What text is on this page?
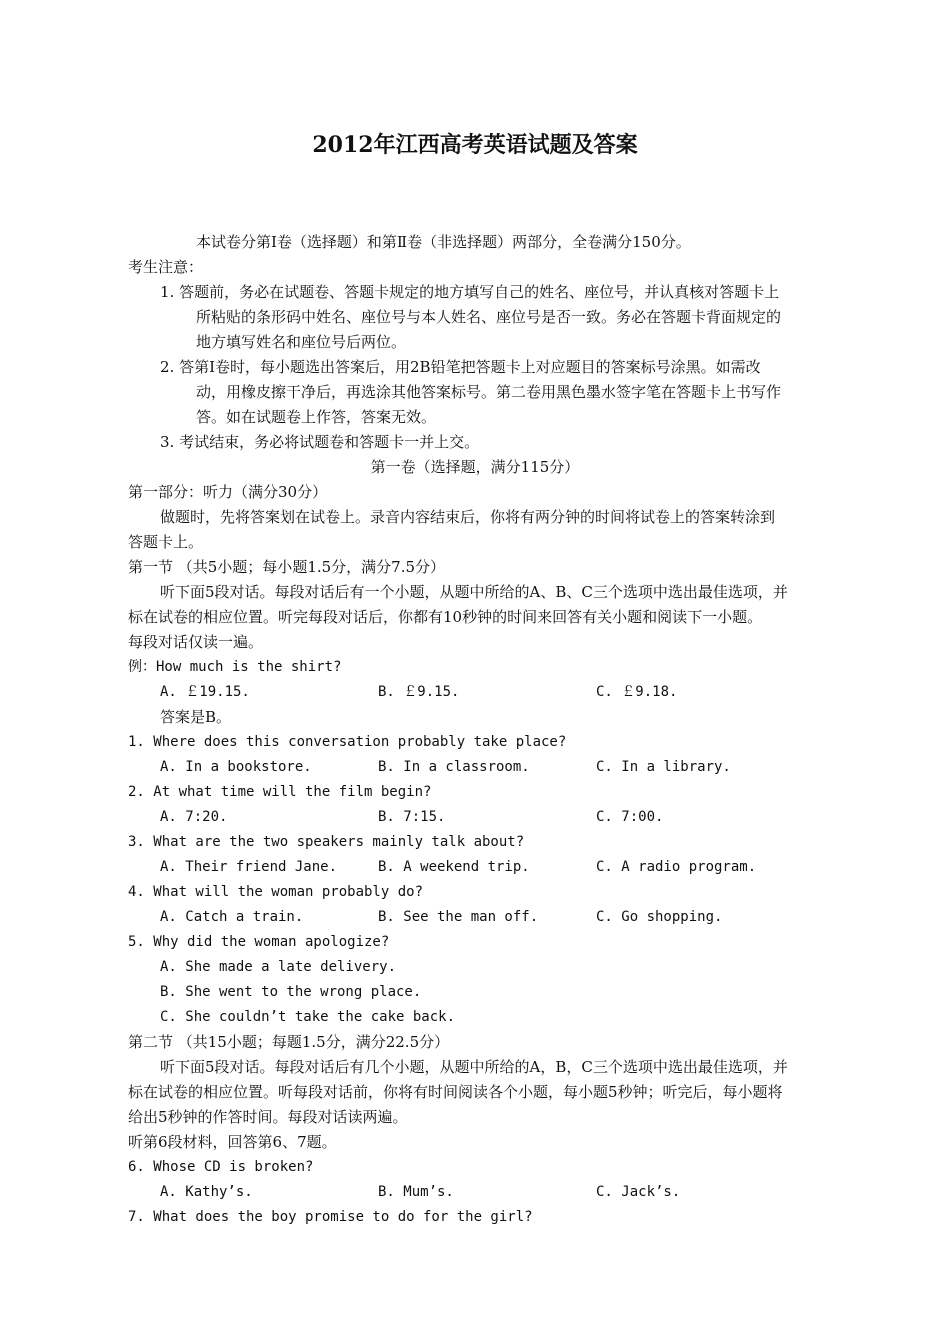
2012年江西高考英语试题及答案
本试卷分第Ⅰ卷（选择题）和第Ⅱ卷（非选择题）两部分，全卷满分150分。
考生注意：
1. 答题前，务必在试题卷、答题卡规定的地方填写自己的姓名、座位号，并认真核对答题卡上
所粘贴的条形码中姓名、座位号与本人姓名、座位号是否一致。务必在答题卡背面规定的
地方填写姓名和座位号后两位。
2. 答第Ⅰ卷时，每小题选出答案后，用2B铅笔把答题卡上对应题目的答案标号涂黑。如需改
动，用橡皮擦干净后，再选涂其他答案标号。第二卷用黑色墨水签字笔在答题卡上书写作
答。如在试题卷上作答，答案无效。
3. 考试结束，务必将试题卷和答题卡一并上交。
第一卷（选择题，满分115分）
第一部分：听力（满分30分）
做题时，先将答案划在试卷上。录音内容结束后，你将有两分钟的时间将试卷上的答案转涂到
答题卡上。
第一节 （共5小题；每小题1.5分，满分7.5分）
听下面5段对话。每段对话后有一个小题，从题中所给的A、B、C三个选项中选出最佳选项，并
标在试卷的相应位置。听完每段对话后，你都有10秒钟的时间来回答有关小题和阅读下一小题。
每段对话仅读一遍。
例：How much is the shirt?
A. ￡19.15.	B. ￡9.15.	C. ￡9.18.
答案是B。
1. Where does this conversation probably take place?
A. In a bookstore.	B. In a classroom.	C. In a library.
2. At what time will the film begin?
A. 7:20.	B. 7:15.	C. 7:00.
3. What are the two speakers mainly talk about?
A. Their friend Jane.	B. A weekend trip.	C. A radio program.
4. What will the woman probably do?
A. Catch a train.	B. See the man off.	C. Go shopping.
5. Why did the woman apologize?
A. She made a late delivery.
B. She went to the wrong place.
C. She couldn’t take the cake back.
第二节 （共15小题；每题1.5分，满分22.5分）
听下面5段对话。每段对话后有几个小题，从题中所给的A，B，C三个选项中选出最佳选项，并
标在试卷的相应位置。听每段对话前，你将有时间阅读各个小题，每小题5秒钟；听完后，每小题将
给出5秒钟的作答时间。每段对话读两遍。
听第6段材料，回答第6、7题。
6. Whose CD is broken?
A. Kathy’s.	B. Mum’s.	C. Jack’s.
7. What does the boy promise to do for the girl?
